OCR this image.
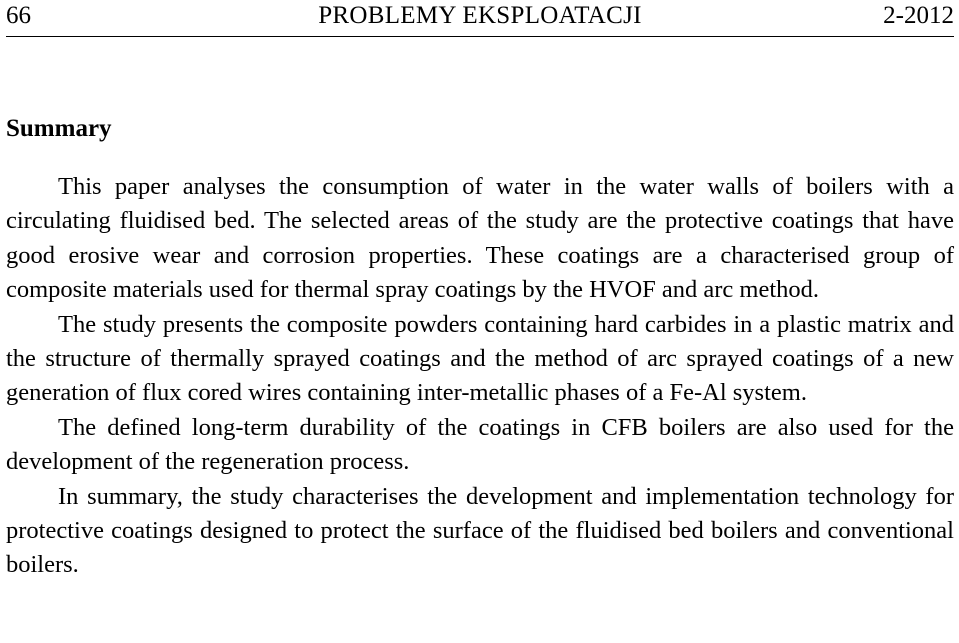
66	PROBLEMY EKSPLOATACJI	2-2012
Summary

This paper analyses the consumption of water in the water walls of boilers with a circulating fluidised bed. The selected areas of the study are the protective coatings that have good erosive wear and corrosion properties. These coatings are a characterised group of composite materials used for thermal spray coatings by the HVOF and arc method.

The study presents the composite powders containing hard carbides in a plastic matrix and the structure of thermally sprayed coatings and the method of arc sprayed coatings of a new generation of flux cored wires containing inter-metallic phases of a Fe-Al system.

The defined long-term durability of the coatings in CFB boilers are also used for the development of the regeneration process.

In summary, the study characterises the development and implementation technology for protective coatings designed to protect the surface of the fluidised bed boilers and conventional boilers.
